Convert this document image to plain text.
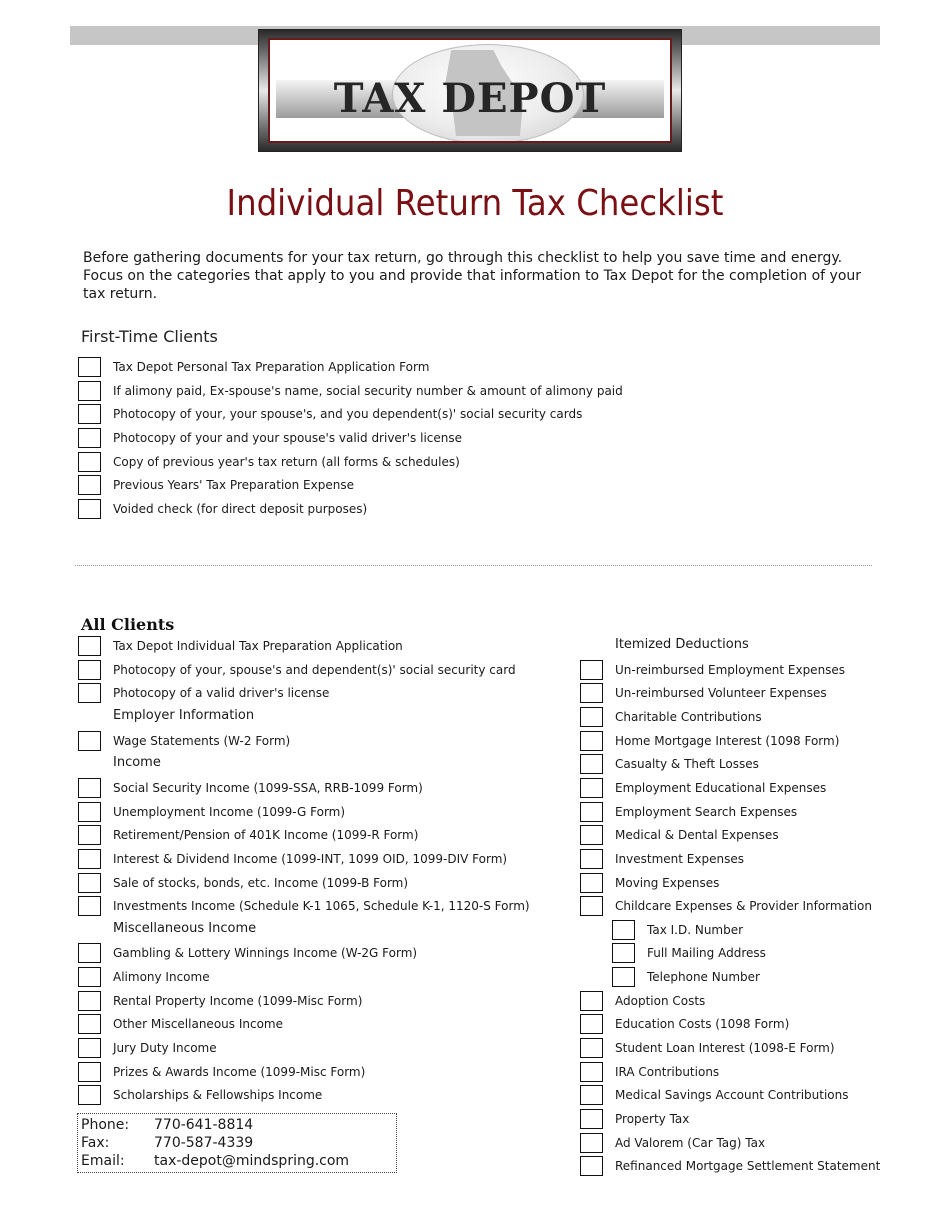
TAX DEPOT
Individual Return Tax Checklist
Before gathering documents for your tax return, go through this checklist to help you save time and energy. Focus on the categories that apply to you and provide that information to Tax Depot for the completion of your tax return.
First-Time Clients
Tax Depot Personal Tax Preparation Application Form
If alimony paid, Ex-spouse's name, social security number & amount of alimony paid
Photocopy of your, your spouse's, and you dependent(s)' social security cards
Photocopy of your and your spouse's valid driver's license
Copy of previous year's tax return (all forms & schedules)
Previous Years' Tax Preparation Expense
Voided check (for direct deposit purposes)
All Clients
Tax Depot Individual Tax Preparation Application
Photocopy of your, spouse's and dependent(s)' social security card
Photocopy of a valid driver's license
Employer Information
Wage Statements (W-2 Form)
Income
Social Security Income (1099-SSA, RRB-1099 Form)
Unemployment Income (1099-G Form)
Retirement/Pension of 401K Income (1099-R Form)
Interest & Dividend Income (1099-INT, 1099 OID, 1099-DIV Form)
Sale of stocks, bonds, etc. Income (1099-B Form)
Investments Income (Schedule K-1 1065, Schedule K-1, 1120-S Form)
Miscellaneous Income
Gambling & Lottery Winnings Income (W-2G Form)
Alimony Income
Rental Property Income (1099-Misc Form)
Other Miscellaneous Income
Jury Duty Income
Prizes & Awards Income (1099-Misc Form)
Scholarships & Fellowships Income
Itemized Deductions
Un-reimbursed Employment Expenses
Un-reimbursed Volunteer Expenses
Charitable Contributions
Home Mortgage Interest (1098 Form)
Casualty & Theft Losses
Employment Educational Expenses
Employment Search Expenses
Medical & Dental Expenses
Investment Expenses
Moving Expenses
Childcare Expenses & Provider Information
Tax I.D. Number
Full Mailing Address
Telephone Number
Adoption Costs
Education Costs (1098 Form)
Student Loan Interest (1098-E Form)
IRA Contributions
Medical Savings Account Contributions
Property Tax
Ad Valorem (Car Tag) Tax
Refinanced Mortgage Settlement Statement
Phone: 770-641-8814
Fax:	770-587-4339
Email: tax-depot@mindspring.com
